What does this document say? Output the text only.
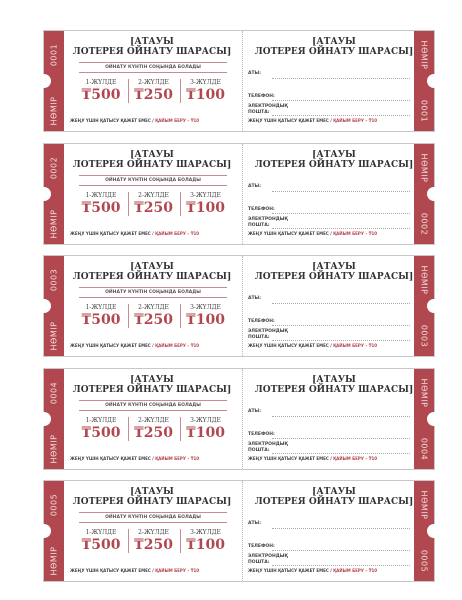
0001
НӨМІР
[АТАУЫ
ЛОТЕРЕЯ ОЙНАТУ ШАРАСЫ]
ОЙНАТУ КҮНТІН СОҢЫНДА БОЛАДЫ
1-ЖҮЛДЕ
₸500
2-ЖҮЛДЕ
₸250
3-ЖҮЛДЕ
₸100
ЖЕҢУ ҮШІН ҚАТЫСУ ҚАЖЕТ ЕМЕС / ҚАЙЫМ БЕРУ – ₸10
[АТАУЫ
ЛОТЕРЕЯ ОЙНАТУ ШАРАСЫ]
АТЫ:
ТЕЛЕФОН:
ЭЛЕКТРОНДЫҚ ПОШТА:
ЖЕҢУ ҮШІН ҚАТЫСУ ҚАЖЕТ ЕМЕС / ҚАЙЫМ БЕРУ – ₸10
НӨМІР
0001
0002
НӨМІР
[АТАУЫ
ЛОТЕРЕЯ ОЙНАТУ ШАРАСЫ]
ОЙНАТУ КҮНТІН СОҢЫНДА БОЛАДЫ
1-ЖҮЛДЕ
₸500
2-ЖҮЛДЕ
₸250
3-ЖҮЛДЕ
₸100
ЖЕҢУ ҮШІН ҚАТЫСУ ҚАЖЕТ ЕМЕС / ҚАЙЫМ БЕРУ – ₸10
[АТАУЫ
ЛОТЕРЕЯ ОЙНАТУ ШАРАСЫ]
АТЫ:
ТЕЛЕФОН:
ЭЛЕКТРОНДЫҚ ПОШТА:
ЖЕҢУ ҮШІН ҚАТЫСУ ҚАЖЕТ ЕМЕС / ҚАЙЫМ БЕРУ – ₸10
НӨМІР
0002
0003
НӨМІР
[АТАУЫ
ЛОТЕРЕЯ ОЙНАТУ ШАРАСЫ]
ОЙНАТУ КҮНТІН СОҢЫНДА БОЛАДЫ
1-ЖҮЛДЕ
₸500
2-ЖҮЛДЕ
₸250
3-ЖҮЛДЕ
₸100
ЖЕҢУ ҮШІН ҚАТЫСУ ҚАЖЕТ ЕМЕС / ҚАЙЫМ БЕРУ – ₸10
[АТАУЫ
ЛОТЕРЕЯ ОЙНАТУ ШАРАСЫ]
АТЫ:
ТЕЛЕФОН:
ЭЛЕКТРОНДЫҚ ПОШТА:
ЖЕҢУ ҮШІН ҚАТЫСУ ҚАЖЕТ ЕМЕС / ҚАЙЫМ БЕРУ – ₸10
НӨМІР
0003
0004
НӨМІР
[АТАУЫ
ЛОТЕРЕЯ ОЙНАТУ ШАРАСЫ]
ОЙНАТУ КҮНТІН СОҢЫНДА БОЛАДЫ
1-ЖҮЛДЕ
₸500
2-ЖҮЛДЕ
₸250
3-ЖҮЛДЕ
₸100
ЖЕҢУ ҮШІН ҚАТЫСУ ҚАЖЕТ ЕМЕС / ҚАЙЫМ БЕРУ – ₸10
[АТАУЫ
ЛОТЕРЕЯ ОЙНАТУ ШАРАСЫ]
АТЫ:
ТЕЛЕФОН:
ЭЛЕКТРОНДЫҚ ПОШТА:
ЖЕҢУ ҮШІН ҚАТЫСУ ҚАЖЕТ ЕМЕС / ҚАЙЫМ БЕРУ – ₸10
НӨМІР
0004
0005
НӨМІР
[АТАУЫ
ЛОТЕРЕЯ ОЙНАТУ ШАРАСЫ]
ОЙНАТУ КҮНТІН СОҢЫНДА БОЛАДЫ
1-ЖҮЛДЕ
₸500
2-ЖҮЛДЕ
₸250
3-ЖҮЛДЕ
₸100
ЖЕҢУ ҮШІН ҚАТЫСУ ҚАЖЕТ ЕМЕС / ҚАЙЫМ БЕРУ – ₸10
[АТАУЫ
ЛОТЕРЕЯ ОЙНАТУ ШАРАСЫ]
АТЫ:
ТЕЛЕФОН:
ЭЛЕКТРОНДЫҚ ПОШТА:
ЖЕҢУ ҮШІН ҚАТЫСУ ҚАЖЕТ ЕМЕС / ҚАЙЫМ БЕРУ – ₸10
НӨМІР
0005
